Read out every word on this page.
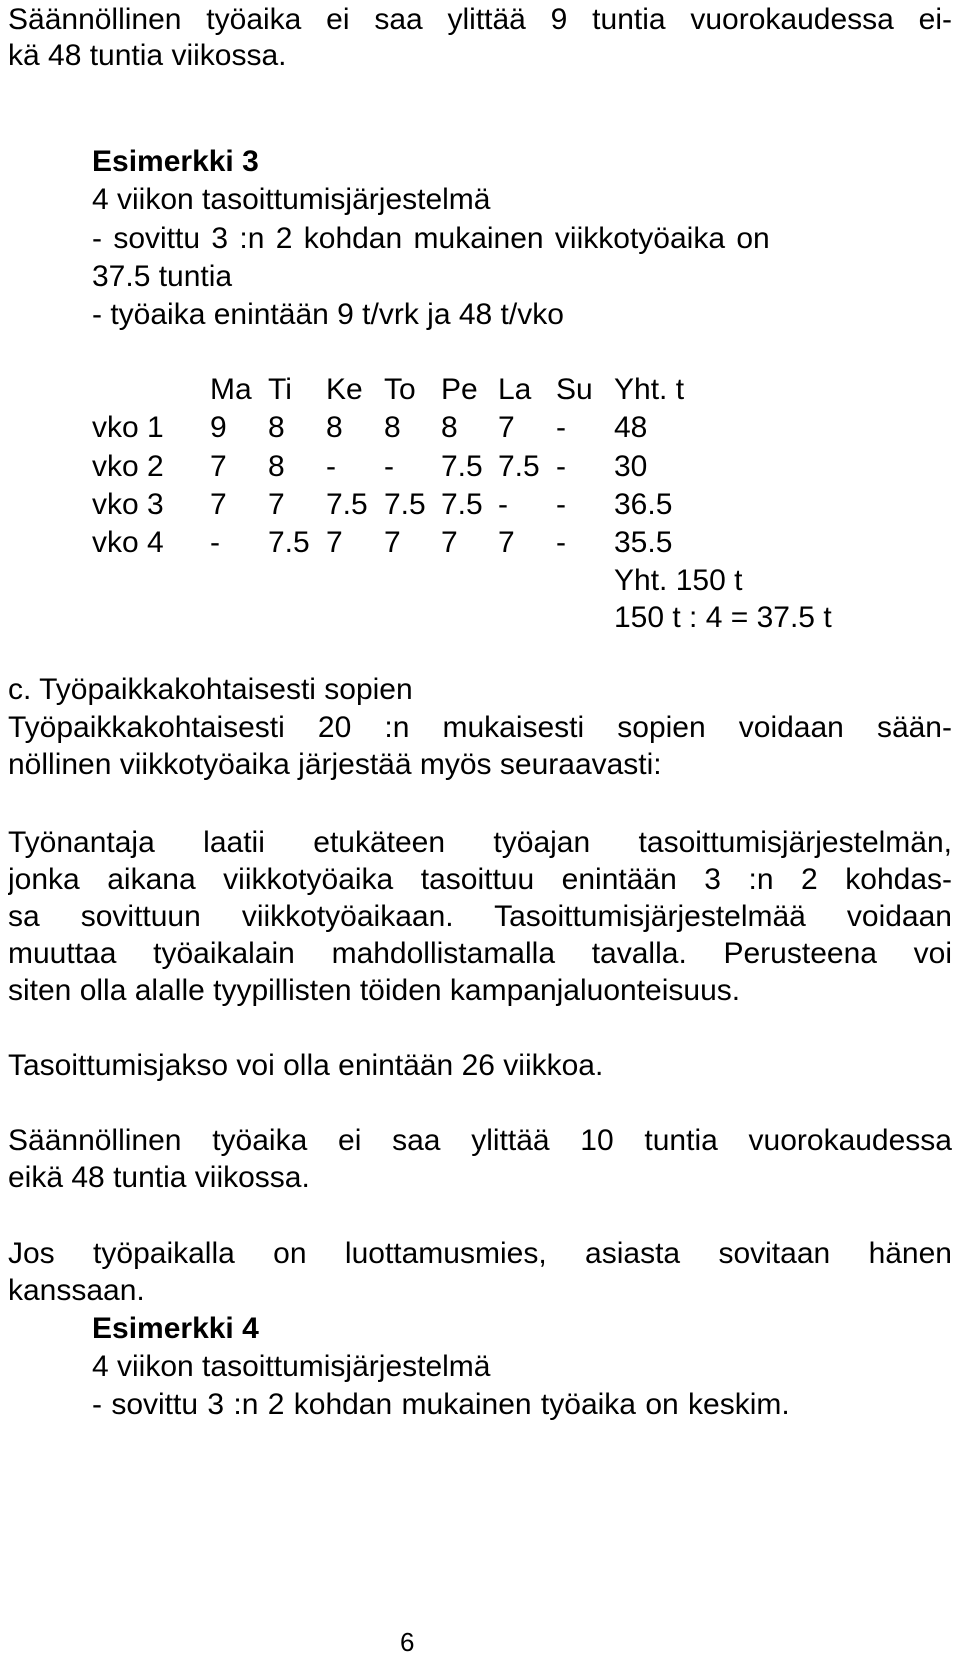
Säännöllinen työaika ei saa ylittää 9 tuntia vuorokaudessa ei-
kä 48 tuntia viikossa.
Esimerkki 3
4 viikon tasoittumisjärjestelmä
- sovittu 3 :n 2 kohdan mukainen viikkotyöaika on
37.5 tuntia
- työaika enintään 9 t/vrk ja 48 t/vko
Ma Ti Ke To Pe La Su Yht. t
vko 1 9 8 8 8 8 7 - 48
vko 2 7 8 - - 7.5 7.5 - 30
vko 3 7 7 7.5 7.5 7.5 - - 36.5
vko 4 - 7.5 7 7 7 7 - 35.5
Yht. 150 t
150 t : 4 = 37.5 t
c. Työpaikkakohtaisesti sopien
Työpaikkakohtaisesti 20 :n mukaisesti sopien voidaan sään-
nöllinen viikkotyöaika järjestää myös seuraavasti:
Työnantaja laatii etukäteen työajan tasoittumisjärjestelmän,
jonka aikana viikkotyöaika tasoittuu enintään 3 :n 2 kohdas-
sa sovittuun viikkotyöaikaan. Tasoittumisjärjestelmää voidaan
muuttaa työaikalain mahdollistamalla tavalla. Perusteena voi
siten olla alalle tyypillisten töiden kampanjaluonteisuus.
Tasoittumisjakso voi olla enintään 26 viikkoa.
Säännöllinen työaika ei saa ylittää 10 tuntia vuorokaudessa
eikä 48 tuntia viikossa.
Jos työpaikalla on luottamusmies, asiasta sovitaan hänen
kanssaan.
Esimerkki 4
4 viikon tasoittumisjärjestelmä
- sovittu 3 :n 2 kohdan mukainen työaika on keskim.
6
